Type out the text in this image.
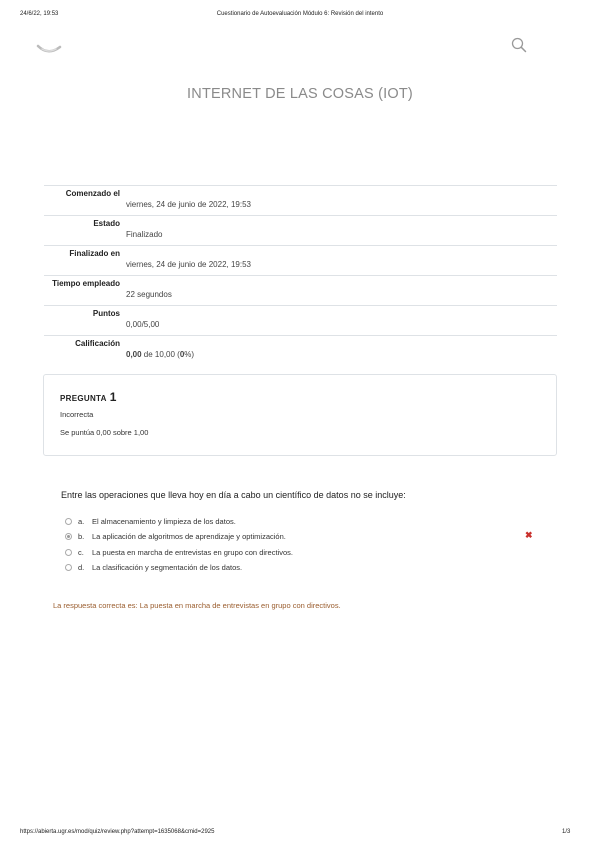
24/6/22, 19:53	Cuestionario de Autoevaluación Módulo 6: Revisión del intento
INTERNET DE LAS COSAS (IOT)
Comenzado el	viernes, 24 de junio de 2022, 19:53
Estado	Finalizado
Finalizado en	viernes, 24 de junio de 2022, 19:53
Tiempo empleado	22 segundos
Puntos	0,00/5,00
Calificación	0,00 de 10,00 (0%)
PREGUNTA 1
Incorrecta
Se puntúa 0,00 sobre 1,00
Entre las operaciones que lleva hoy en día a cabo un científico de datos no se incluye:
a.	El almacenamiento y limpieza de los datos.
b.	La aplicación de algoritmos de aprendizaje y optimización.
c.	La puesta en marcha de entrevistas en grupo con directivos.
d.	La clasificación y segmentación de los datos.
✖
La respuesta correcta es: La puesta en marcha de entrevistas en grupo con directivos.
https://abierta.ugr.es/mod/quiz/review.php?attempt=1635068&cmid=2925	1/3
